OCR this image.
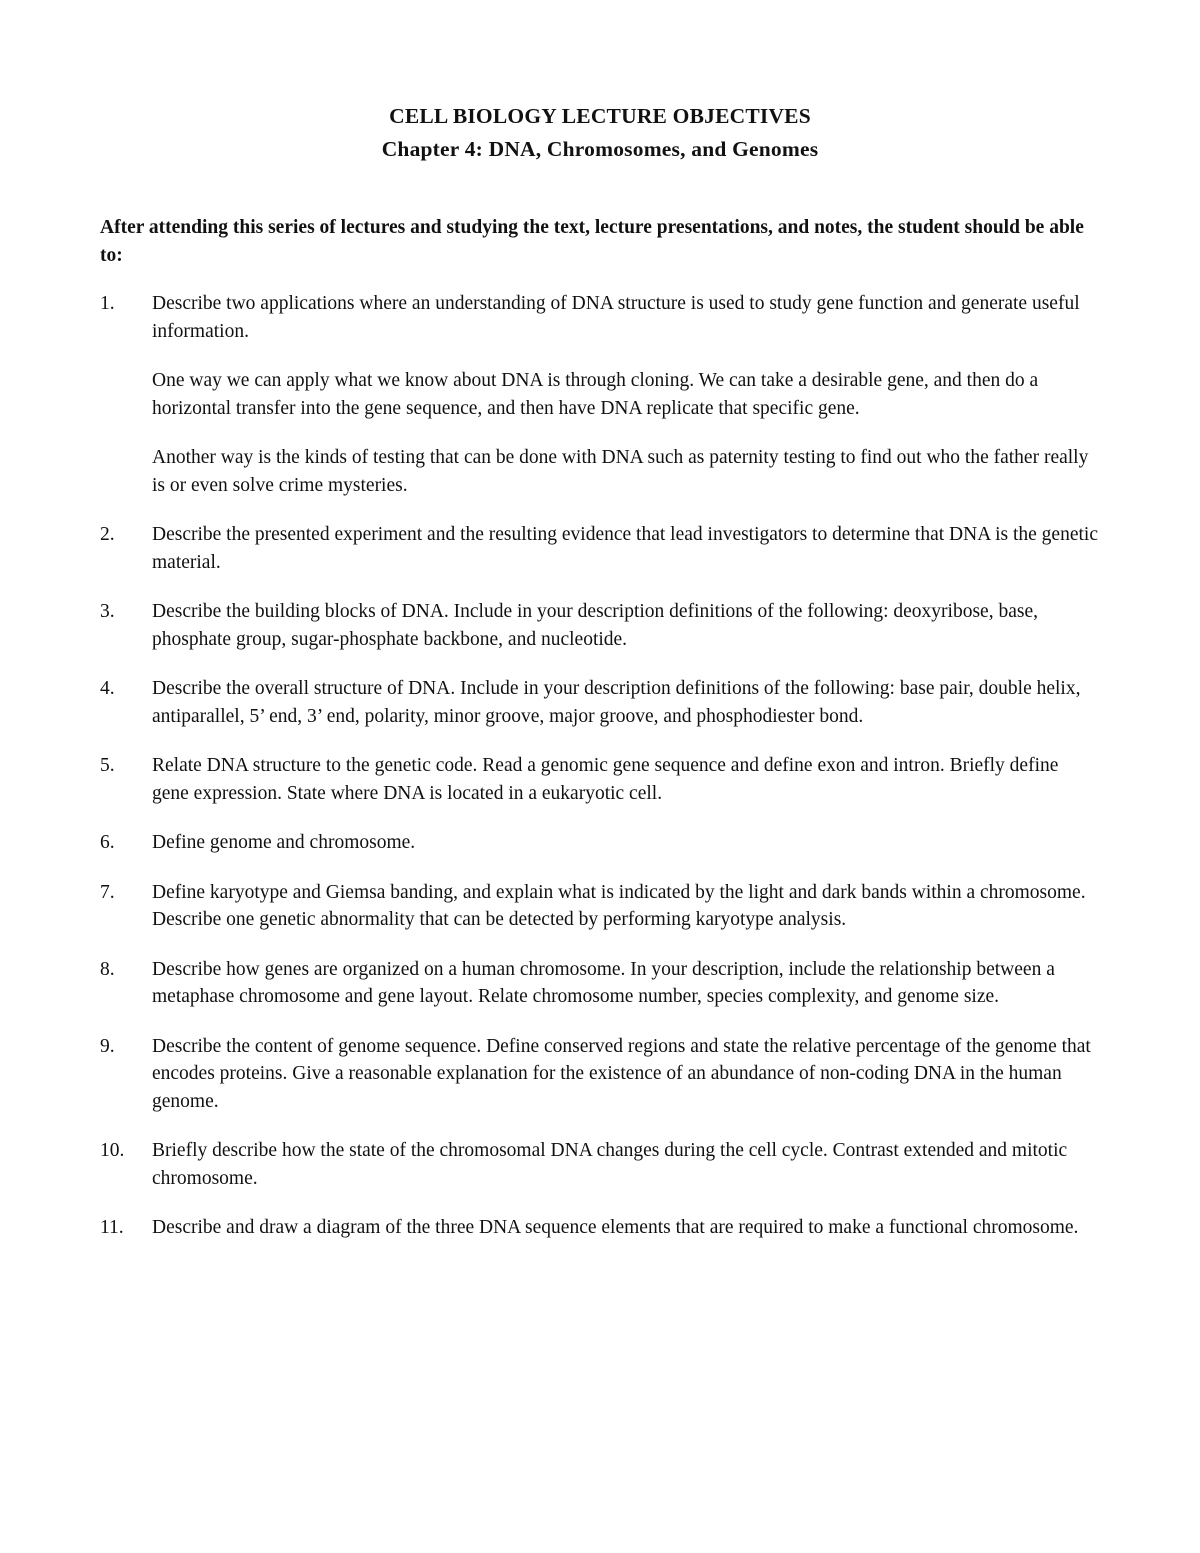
CELL BIOLOGY LECTURE OBJECTIVES
Chapter 4: DNA, Chromosomes, and Genomes
After attending this series of lectures and studying the text, lecture presentations, and notes, the student should be able to:
1. Describe two applications where an understanding of DNA structure is used to study gene function and generate useful information.
One way we can apply what we know about DNA is through cloning. We can take a desirable gene, and then do a horizontal transfer into the gene sequence, and then have DNA replicate that specific gene.
Another way is the kinds of testing that can be done with DNA such as paternity testing to find out who the father really is or even solve crime mysteries.
2. Describe the presented experiment and the resulting evidence that lead investigators to determine that DNA is the genetic material.
3. Describe the building blocks of DNA. Include in your description definitions of the following: deoxyribose, base, phosphate group, sugar-phosphate backbone, and nucleotide.
4. Describe the overall structure of DNA. Include in your description definitions of the following: base pair, double helix, antiparallel, 5’ end, 3’ end, polarity, minor groove, major groove, and phosphodiester bond.
5. Relate DNA structure to the genetic code. Read a genomic gene sequence and define exon and intron. Briefly define gene expression. State where DNA is located in a eukaryotic cell.
6. Define genome and chromosome.
7. Define karyotype and Giemsa banding, and explain what is indicated by the light and dark bands within a chromosome. Describe one genetic abnormality that can be detected by performing karyotype analysis.
8. Describe how genes are organized on a human chromosome. In your description, include the relationship between a metaphase chromosome and gene layout. Relate chromosome number, species complexity, and genome size.
9. Describe the content of genome sequence. Define conserved regions and state the relative percentage of the genome that encodes proteins. Give a reasonable explanation for the existence of an abundance of non-coding DNA in the human genome.
10. Briefly describe how the state of the chromosomal DNA changes during the cell cycle. Contrast extended and mitotic chromosome.
11. Describe and draw a diagram of the three DNA sequence elements that are required to make a functional chromosome.
